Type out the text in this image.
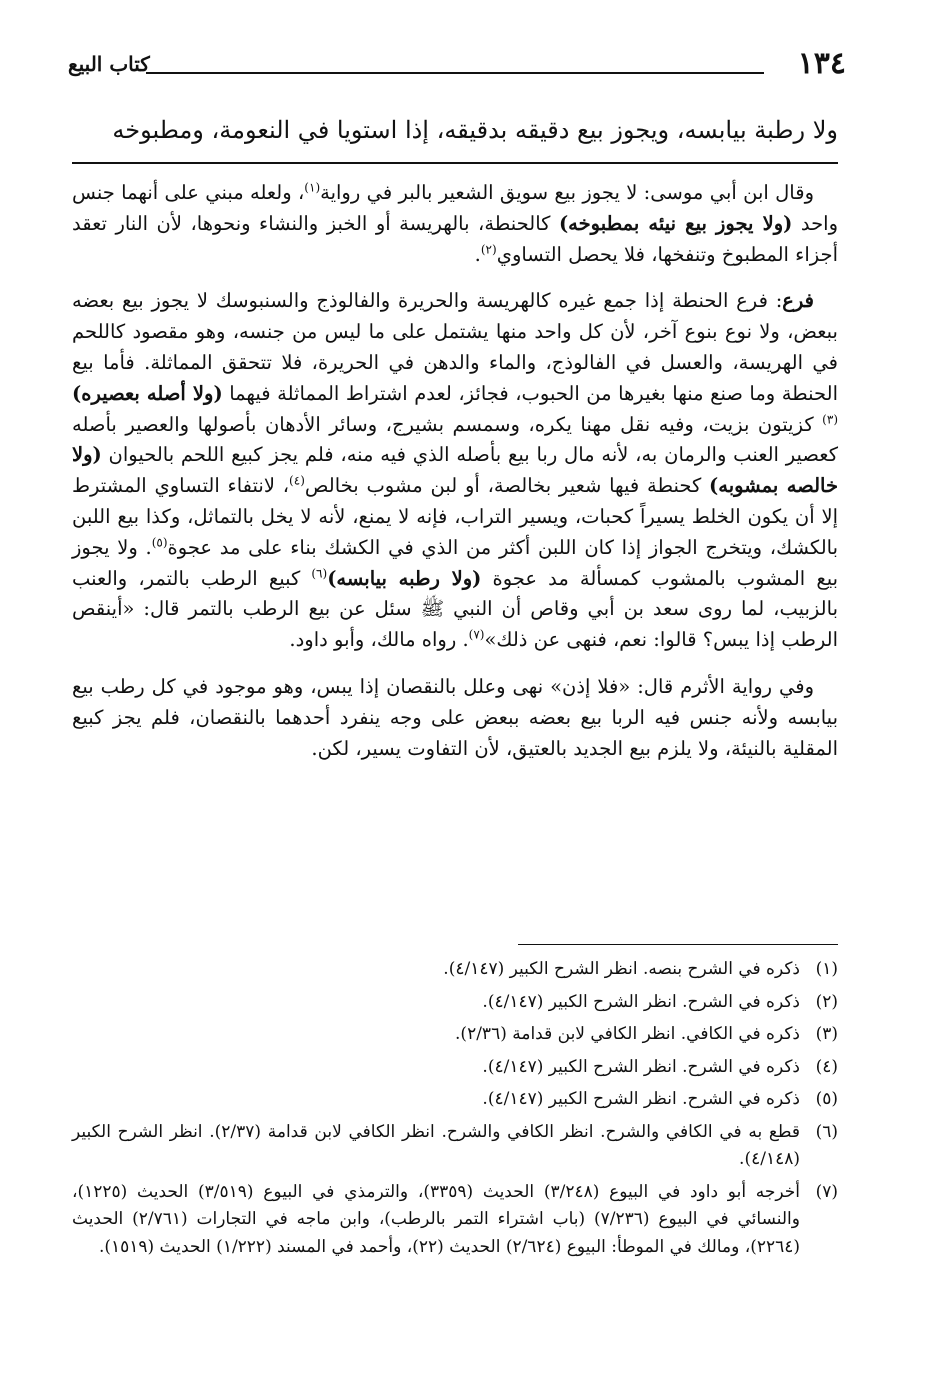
١٣٤
كتاب البيع
ولا رطبة بيابسه، ويجوز بيع دقيقه بدقيقه، إذا استويا في النعومة، ومطبوخه

وقال ابن أبي موسى: لا يجوز بيع سويق الشعير بالبر في رواية$^{(١)}$، ولعله مبني على أنهما جنس واحد (ولا يجوز بيع نيئه بمطبوخه) كالحنطة، بالهريسة أو الخبز والنشاء ونحوها، لأن النار تعقد أجزاء المطبوخ وتنفخها، فلا يحصل التساوي$^{(٢)}$.

فرع: فرع الحنطة إذا جمع غيره كالهريسة والحريرة والفالوذج والسنبوسك لا يجوز بيع بعضه ببعض، ولا نوع بنوع آخر، لأن كل واحد منها يشتمل على ما ليس من جنسه، وهو مقصود كاللحم في الهريسة، والعسل في الفالوذج، والماء والدهن في الحريرة، فلا تتحقق المماثلة. فأما بيع الحنطة وما صنع منها بغيرها من الحبوب، فجائز، لعدم اشتراط المماثلة فيهما (ولا أصله بعصيره)$^{(٣)}$ كزيتون بزيت، وفيه نقل مهنا يكره، وسمسم بشيرج، وسائر الأدهان بأصولها والعصير بأصله كعصير العنب والرمان به، لأنه مال ربا بيع بأصله الذي فيه منه، فلم يجز كبيع اللحم بالحيوان (ولا خالصه بمشوبه) كحنطة فيها شعير بخالصة، أو لبن مشوب بخالص$^{(٤)}$، لانتفاء التساوي المشترط إلا أن يكون الخلط يسيراً كحبات، ويسير التراب، فإنه لا يمنع، لأنه لا يخل بالتماثل، وكذا بيع اللبن بالكشك، ويتخرج الجواز إذا كان اللبن أكثر من الذي في الكشك بناء على مد عجوة$^{(٥)}$. ولا يجوز بيع المشوب بالمشوب كمسألة مد عجوة (ولا رطبه بيابسه)$^{(٦)}$ كبيع الرطب بالتمر، والعنب بالزبيب، لما روى سعد بن أبي وقاص أن النبي ﷺ سئل عن بيع الرطب بالتمر قال: «أينقص الرطب إذا يبس؟ قالوا: نعم، فنهى عن ذلك»$^{(٧)}$. رواه مالك، وأبو داود.

وفي رواية الأثرم قال: «فلا إذن» نهى وعلل بالنقصان إذا يبس، وهو موجود في كل رطب بيع بيابسه ولأنه جنس فيه الربا بيع بعضه ببعض على وجه ينفرد أحدهما بالنقصان، فلم يجز كبيع المقلية بالنيئة، ولا يلزم بيع الجديد بالعتيق، لأن التفاوت يسير، لكن.

(١)
ذكره في الشرح بنصه. انظر الشرح الكبير (٤/١٤٧).
(٢)
ذكره في الشرح. انظر الشرح الكبير (٤/١٤٧).
(٣)
ذكره في الكافي. انظر الكافي لابن قدامة (٢/٣٦).
(٤)
ذكره في الشرح. انظر الشرح الكبير (٤/١٤٧).
(٥)
ذكره في الشرح. انظر الشرح الكبير (٤/١٤٧).
(٦)
قطع به في الكافي والشرح. انظر الكافي والشرح. انظر الكافي لابن قدامة (٢/٣٧). انظر الشرح الكبير (٤/١٤٨).
(٧)
أخرجه أبو داود في البيوع (٣/٢٤٨) الحديث (٣٣٥٩)، والترمذي في البيوع (٣/٥١٩) الحديث (١٢٢٥)، والنسائي في البيوع (٧/٢٣٦) (باب اشتراء التمر بالرطب)، وابن ماجه في التجارات (٢/٧٦١) الحديث (٢٢٦٤)، ومالك في الموطأ: البيوع (٢/٦٢٤) الحديث (٢٢)، وأحمد في المسند (١/٢٢٢) الحديث (١٥١٩).
